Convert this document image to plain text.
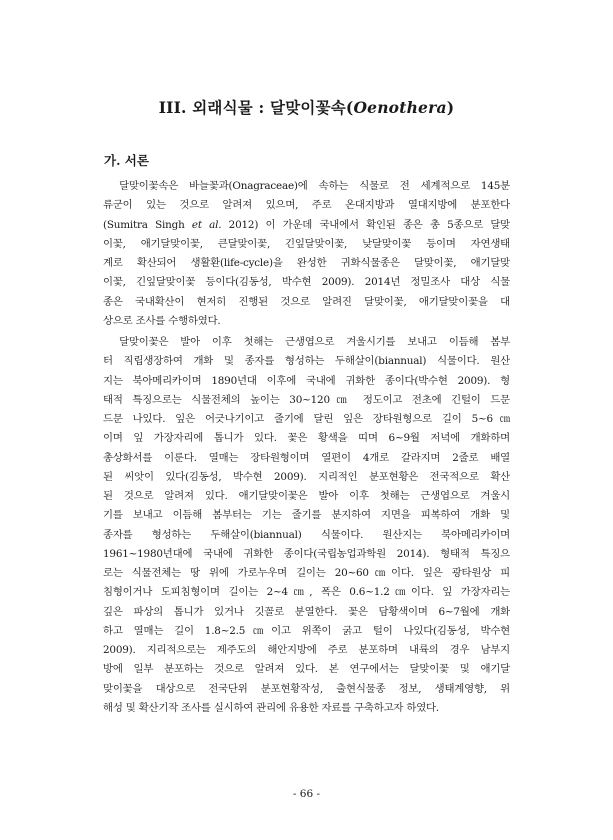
III. 외래식물 : 달맞이꽃속(Oenothera)
가. 서론
달맞이꽃속은 바늘꽃과(Onagraceae)에 속하는 식물로 전 세계적으로 145분
류군이 있는 것으로 알려져 있으며, 주로 온대지방과 열대지방에 분포한다
(Sumitra Singh et al. 2012) 이 가운데 국내에서 확인된 종은 총 5종으로 달맞
이꽃, 애기달맞이꽃, 큰달맞이꽃, 긴잎달맞이꽃, 낮달맞이꽃 등이며 자연생태
계로 확산되어 생활환(life-cycle)을 완성한 귀화식물종은 달맞이꽃, 애기달맞
이꽃, 긴잎달맞이꽃 등이다(김동성, 박수현 2009). 2014년 정밀조사 대상 식물
종은 국내확산이 현저히 진행된 것으로 알려진 달맞이꽃, 애기달맞이꽃을 대
상으로 조사를 수행하였다.
달맞이꽃은 발아 이후 첫해는 근생엽으로 겨울시기를 보내고 이듬해 봄부
터 직립생장하여 개화 및 종자를 형성하는 두해살이(biannual) 식물이다. 원산
지는 북아메리카이며 1890년대 이후에 국내에 귀화한 종이다(박수현 2009). 형
태적 특징으로는 식물전체의 높이는 30~120㎝ 정도이고 전초에 긴털이 드문
드문 나있다. 잎은 어긋나기이고 줄기에 달린 잎은 장타원형으로 길이 5~6㎝
이며 잎 가장자리에 톱니가 있다. 꽃은 황색을 띠며 6~9월 저녁에 개화하며
총상화서를 이룬다. 열매는 장타원형이며 열편이 4개로 갈라지며 2줄로 배열
된 씨앗이 있다(김동성, 박수현 2009). 지리적인 분포현황은 전국적으로 확산
된 것으로 알려져 있다. 애기달맞이꽃은 발아 이후 첫해는 근생엽으로 겨울시
기를 보내고 이듬해 봄부터는 기는 줄기를 분지하여 지면을 피복하여 개화 및
종자를 형성하는 두해살이(biannual) 식물이다. 원산지는 북아메리카이며
1961~1980년대에 국내에 귀화한 종이다(국립농업과학원 2014). 형태적 특징으
로는 식물전체는 땅 위에 가로누우며 길이는 20~60㎝이다. 잎은 광타원상 피
침형이거나 도피침형이며 길이는 2~4㎝, 폭은 0.6~1.2㎝이다. 잎 가장자리는
깊은 파상의 톱니가 있거나 깃꼴로 분열한다. 꽃은 담황색이며 6~7월에 개화
하고 열매는 길이 1.8~2.5㎝이고 위쪽이 굵고 털이 나있다(김동성, 박수현
2009). 지리적으로는 제주도의 해안지방에 주로 분포하며 내륙의 경우 남부지
방에 일부 분포하는 것으로 알려져 있다. 본 연구에서는 달맞이꽃 및 애기달
맞이꽃을 대상으로 전국단위 분포현황작성, 출현식물종 정보, 생태계영향, 위
해성 및 확산기작 조사를 실시하여 관리에 유용한 자료를 구축하고자 하였다.
- 66 -
